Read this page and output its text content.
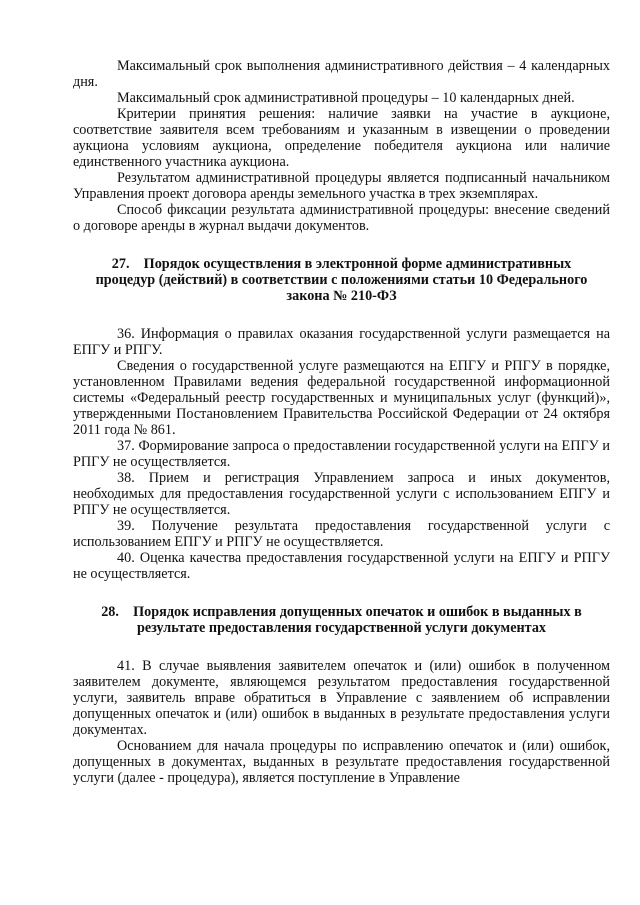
Максимальный срок выполнения административного действия – 4 календарных дня.

Максимальный срок административной процедуры – 10 календарных дней.

Критерии принятия решения: наличие заявки на участие в аукционе, соответствие заявителя всем требованиям и указанным в извещении о проведении аукциона условиям аукциона, определение победителя аукциона или наличие единственного участника аукциона.

Результатом административной процедуры является подписанный начальником Управления проект договора аренды земельного участка в трех экземплярах.

Способ фиксации результата административной процедуры: внесение сведений о договоре аренды в журнал выдачи документов.

27.    Порядок осуществления в электронной форме административных
процедур (действий) в соответствии с положениями статьи 10 Федерального
закона № 210-ФЗ

36. Информация о правилах оказания государственной услуги размещается на ЕПГУ и РПГУ.

Сведения о государственной услуге размещаются на ЕПГУ и РПГУ в порядке, установленном Правилами ведения федеральной государственной информационной системы «Федеральный реестр государственных и муниципальных услуг (функций)», утвержденными Постановлением Правительства Российской Федерации от 24 октября 2011 года № 861.

37. Формирование запроса о предоставлении государственной услуги на ЕПГУ и РПГУ не осуществляется.

38. Прием и регистрация Управлением запроса и иных документов, необходимых для предоставления государственной услуги с использованием ЕПГУ и РПГУ не осуществляется.

39. Получение результата предоставления государственной услуги с использованием ЕПГУ и РПГУ не осуществляется.

40. Оценка качества предоставления государственной услуги на ЕПГУ и РПГУ не осуществляется.

28.    Порядок исправления допущенных опечаток и ошибок в выданных в
результате предоставления государственной услуги документах

41. В случае выявления заявителем опечаток и (или) ошибок в полученном заявителем документе, являющемся результатом предоставления государственной услуги, заявитель вправе обратиться в Управление с заявлением об исправлении допущенных опечаток и (или) ошибок в выданных в результате предоставления услуги документах.

Основанием для начала процедуры по исправлению опечаток и (или) ошибок, допущенных в документах, выданных в результате предоставления государственной услуги (далее - процедура), является поступление в Управление
